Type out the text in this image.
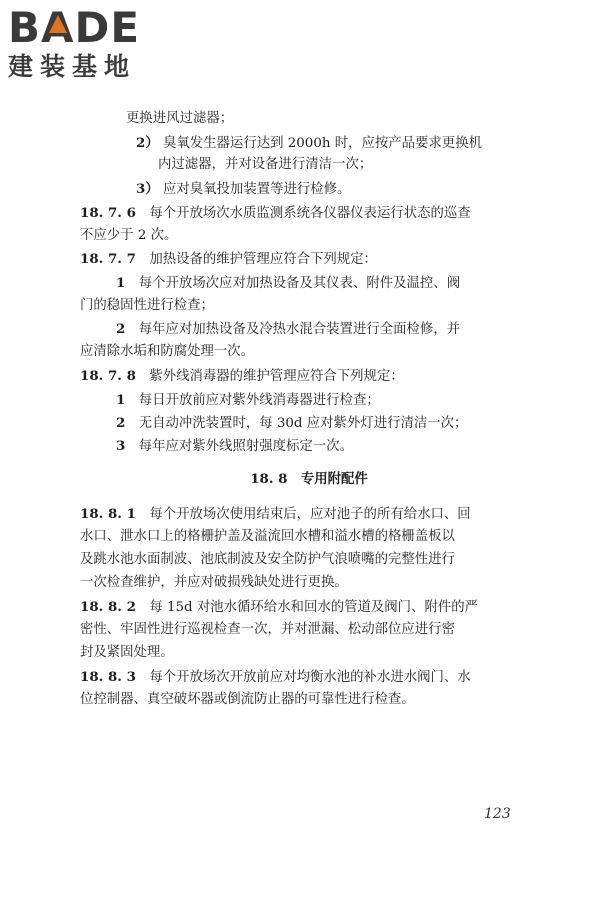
B A DE
建装基地
更换进风过滤器；
2） 臭氧发生器运行达到 2000h 时，应按产品要求更换机
内过滤器，并对设备进行清洁一次；
3） 应对臭氧投加装置等进行检修。
18. 7. 6　 每个开放场次水质监测系统各仪器仪表运行状态的巡查
不应少于 2 次。
18. 7. 7　 加热设备的维护管理应符合下列规定：
1　 每个开放场次应对加热设备及其仪表、附件及温控、阀
门的稳固性进行检查；
2　 每年应对加热设备及冷热水混合装置进行全面检修，并
应清除水垢和防腐处理一次。
18. 7. 8　 紫外线消毒器的维护管理应符合下列规定：
1　 每日开放前应对紫外线消毒器进行检查；
2　 无自动冲洗装置时，每 30d 应对紫外灯进行清洁一次；
3　 每年应对紫外线照射强度标定一次。
18. 8　 专用附配件
18. 8. 1　 每个开放场次使用结束后，应对池子的所有给水口、回
水口、泄水口上的格栅护盖及溢流回水槽和溢水槽的格栅盖板以
及跳水池水面制波、池底制波及安全防护气浪喷嘴的完整性进行
一次检查维护，并应对破损残缺处进行更换。
18. 8. 2　 每 15d 对池水循环给水和回水的管道及阀门、附件的严
密性、牢固性进行巡视检查一次，并对泄漏、松动部位应进行密
封及紧固处理。
18. 8. 3　 每个开放场次开放前应对均衡水池的补水进水阀门、水
位控制器、真空破坏器或倒流防止器的可靠性进行检查。
123
